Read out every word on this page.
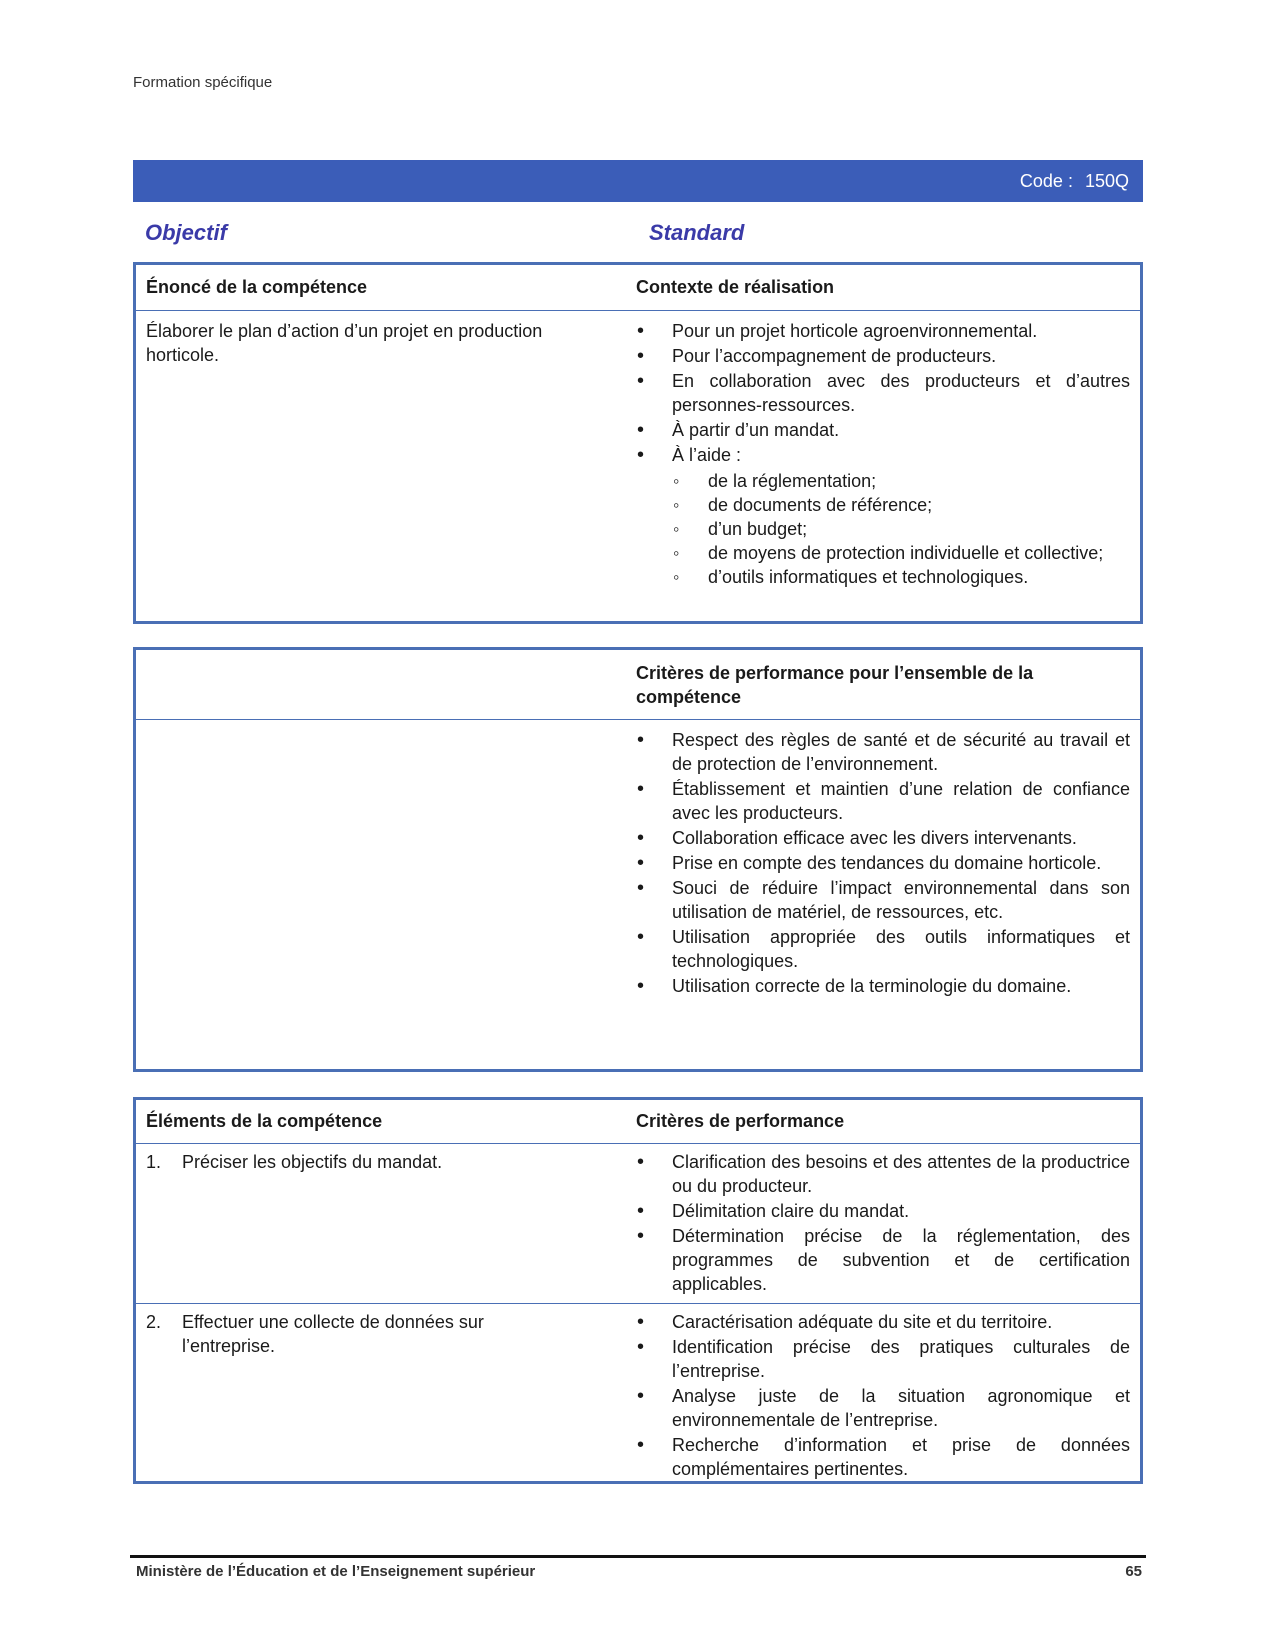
Formation spécifique
Code : 150Q
Objectif	Standard
Énoncé de la compétence	Contexte de réalisation
Élaborer le plan d’action d’un projet en production horticole.
• Pour un projet horticole agroenvironnemental.
• Pour l’accompagnement de producteurs.
• En collaboration avec des producteurs et d’autres personnes-ressources.
• À partir d’un mandat.
• À l’aide :
◦ de la réglementation;
◦ de documents de référence;
◦ d’un budget;
◦ de moyens de protection individuelle et collective;
◦ d’outils informatiques et technologiques.
Critères de performance pour l’ensemble de la compétence
• Respect des règles de santé et de sécurité au travail et de protection de l’environnement.
• Établissement et maintien d’une relation de confiance avec les producteurs.
• Collaboration efficace avec les divers intervenants.
• Prise en compte des tendances du domaine horticole.
• Souci de réduire l’impact environnemental dans son utilisation de matériel, de ressources, etc.
• Utilisation appropriée des outils informatiques et technologiques.
• Utilisation correcte de la terminologie du domaine.
Éléments de la compétence	Critères de performance
1.	Préciser les objectifs du mandat.
•	Clarification des besoins et des attentes de la productrice ou du producteur.
• Délimitation claire du mandat.
• Détermination précise de la réglementation, des programmes de subvention et de certification applicables.
2.	Effectuer une collecte de données sur l’entreprise.
• Caractérisation adéquate du site et du territoire.
• Identification précise des pratiques culturales de l’entreprise.
• Analyse juste de la situation agronomique et environnementale de l’entreprise.
• Recherche d’information et prise de données complémentaires pertinentes.
Ministère de l’Éducation et de l’Enseignement supérieur	65
